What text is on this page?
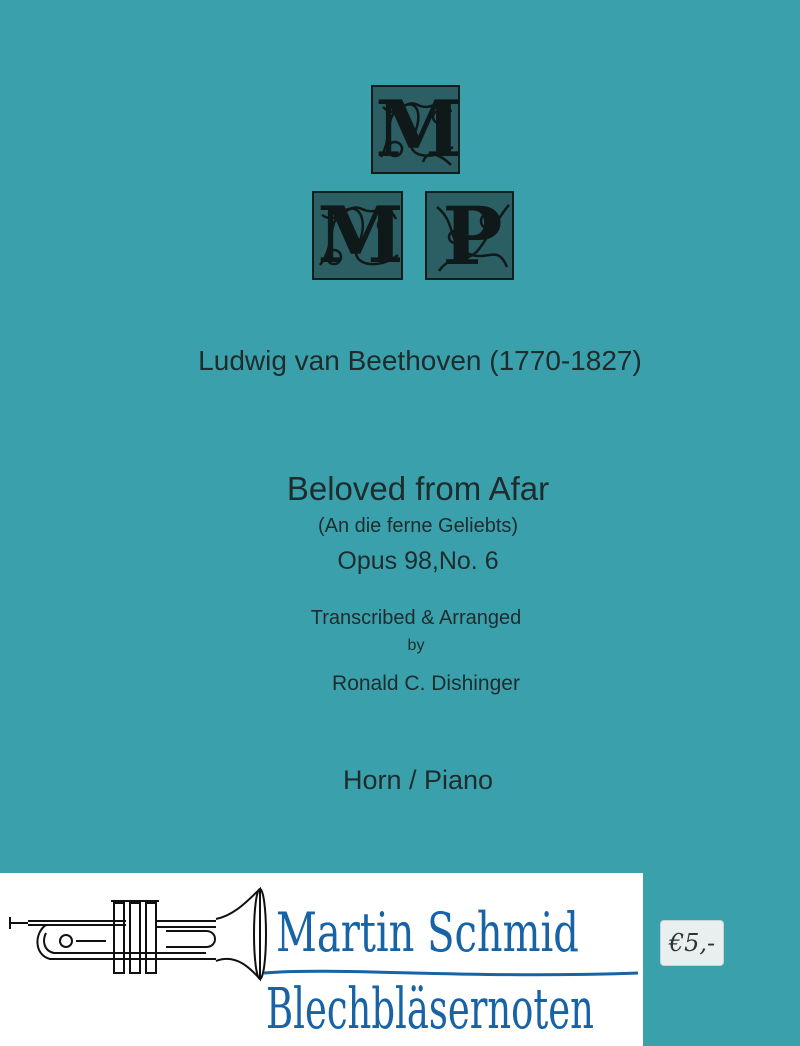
M
M P
Ludwig van Beethoven (1770-1827)
Beloved from Afar
(An die ferne Geliebts)
Opus 98,No. 6
Transcribed & Arranged
by
Ronald C. Dishinger
Horn / Piano
Martin Schmid
Blechbläsernoten
€5,-
